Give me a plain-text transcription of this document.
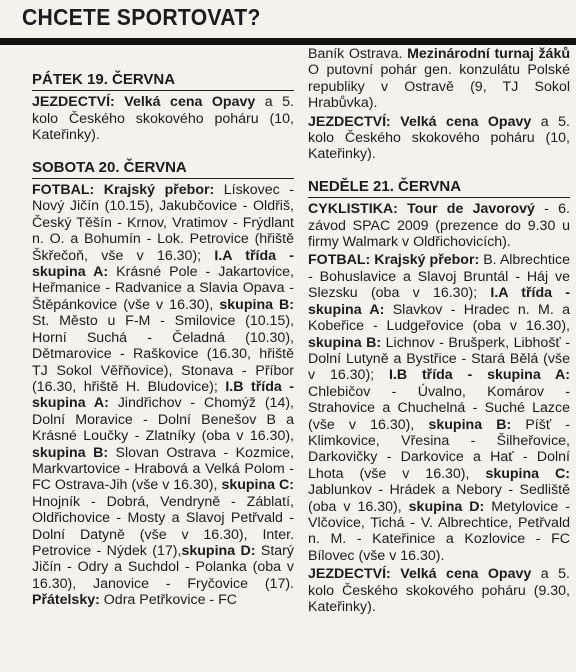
CHCETE SPORTOVAT?
PÁTEK 19. ČERVNA

JEZDECTVÍ: Velká cena Opavy a 5. kolo Českého skokového poháru (10, Kateřinky).

SOBOTA 20. ČERVNA

FOTBAL: Krajský přebor: Lískovec - Nový Jičín (10.15), Jakubčovice - Oldřiš, Český Těšín - Krnov, Vratimov - Frýdlant n. O. a Bohumín - Lok. Petrovice (hřiště Škřečoň, vše v 16.30); I.A třída - skupina A: Krásné Pole - Jakartovice, Heřmanice - Radvanice a Slavia Opava - Štěpánkovice (vše v 16.30), skupina B: St. Město u F-M - Smilovice (10.15), Horní Suchá - Čeladná (10.30), Dětmarovice - Raškovice (16.30, hřiště TJ Sokol Věřňovice), Stonava - Příbor (16.30, hřiště H. Bludovice); I.B třída - skupina A: Jindřichov - Chomýž (14), Dolní Moravice - Dolní Benešov B a Krásné Loučky - Zlatníky (oba v 16.30), skupina B: Slovan Ostrava - Kozmice, Markvartovice - Hrabová a Velká Polom - FC Ostrava-Jih (vše v 16.30), skupina C: Hnojník - Dobrá, Vendryně - Záblatí, Oldřichovice - Mosty a Slavoj Petřvald - Dolní Datyně (vše v 16.30), Inter. Petrovice - Nýdek (17),skupina D: Starý Jičín - Odry a Suchdol - Polanka (oba v 16.30), Janovice - Fryčovice (17). Přátelsky: Odra Petřkovice - FC

Baník Ostrava. Mezinárodní turnaj žáků O putovní pohár gen. konzulátu Polské republiky v Ostravě (9, TJ Sokol Hrabůvka).

JEZDECTVÍ: Velká cena Opavy a 5. kolo Českého skokového poháru (10, Kateřinky).

NEDĚLE 21. ČERVNA

CYKLISTIKA: Tour de Javorový - 6. závod SPAC 2009 (prezence do 9.30 u firmy Walmark v Oldřichovicích).

FOTBAL: Krajský přebor: B. Albrechtice - Bohuslavice a Slavoj Bruntál - Háj ve Slezsku (oba v 16.30); I.A třída - skupina A: Slavkov - Hradec n. M. a Kobeřice - Ludgeřovice (oba v 16.30), skupina B: Lichnov - Brušperk, Libhošť - Dolní Lutyně a Bystřice - Stará Bělá (vše v 16.30); I.B třída - skupina A: Chlebičov - Úvalno, Komárov - Strahovice a Chuchelná - Suché Lazce (vše v 16.30), skupina B: Píšť - Klimkovice, Vřesina - Šilheřovice, Darkovičky - Darkovice a Hať - Dolní Lhota (vše v 16.30), skupina C: Jablunkov - Hrádek a Nebory - Sedliště (oba v 16.30), skupina D: Metylovice - Vlčovice, Tichá - V. Albrechtice, Petřvald n. M. - Kateřinice a Kozlovice - FC Bílovec (vše v 16.30).

JEZDECTVÍ: Velká cena Opavy a 5. kolo Českého skokového poháru (9.30, Kateřinky).
